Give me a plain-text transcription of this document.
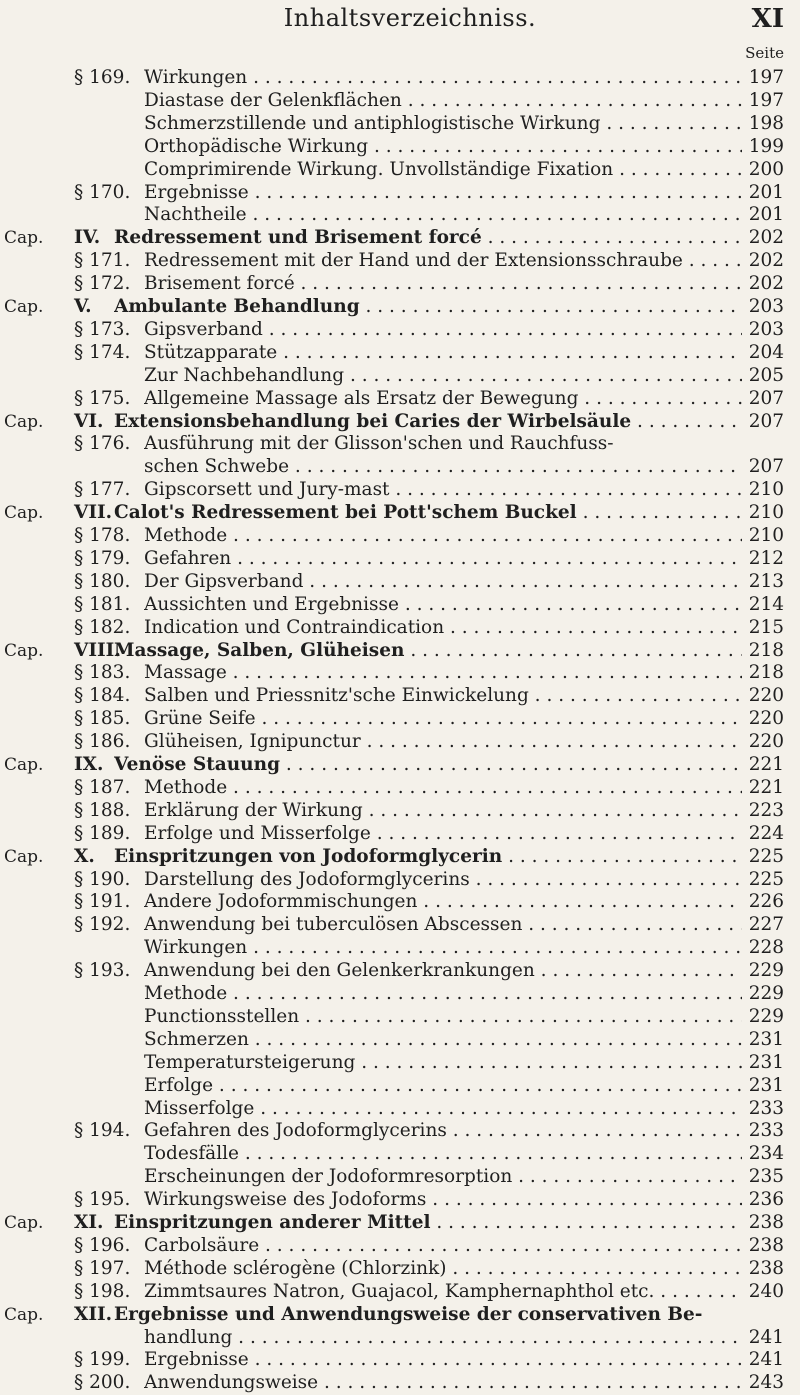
Inhaltsverzeichniss.	XI
Seite
§ 169. Wirkungen . . .	197
Diastase der Gelenkflächen . . .	197
Schmerzstillende und antiphlogistische Wirkung . . .	198
Orthopädische Wirkung . . .	199
Comprimirende Wirkung. Unvollständige Fixation . . .	200
§ 170. Ergebnisse . . .	201
Nachtheile . . .	201
Cap. IV. Redressement und Brisement forcé . . .	202
§ 171. Redressement mit der Hand und der Extensionsschraube . . .	202
§ 172. Brisement forcé . . .	202
Cap. V. Ambulante Behandlung . . .	203
§ 173. Gipsverband . . .	203
§ 174. Stützapparate . . .	204
Zur Nachbehandlung . . .	205
§ 175. Allgemeine Massage als Ersatz der Bewegung . . .	207
Cap. VI. Extensionsbehandlung bei Caries der Wirbelsäule . . .	207
§ 176. Ausführung mit der Glisson'schen und Rauchfuss-
schen Schwebe . . .	207
§ 177. Gipscorsett und Jury-mast . . .	210
Cap. VII. Calot's Redressement bei Pott'schem Buckel . . .	210
§ 178. Methode . . .	210
§ 179. Gefahren . . .	212
§ 180. Der Gipsverband . . .	213
§ 181. Aussichten und Ergebnisse . . .	214
§ 182. Indication und Contraindication . . .	215
Cap. VIII.
Massage, Salben, Glüheisen . . .	218
§ 183. Massage . . .	218
§ 184. Salben und Priessnitz'sche Einwickelung . . .	220
§ 185. Grüne Seife . . .	220
§ 186. Glüheisen, Ignipunctur . . .	220
Cap. IX. Venöse Stauung . . .	221
§ 187. Methode . . .	221
§ 188. Erklärung der Wirkung . . .	223
§ 189. Erfolge und Misserfolge . . .	224
Cap. X. Einspritzungen von Jodoformglycerin . . .	225
§ 190. Darstellung des Jodoformglycerins . . .	225
§ 191. Andere Jodoformmischungen . . .	226
§ 192. Anwendung bei tuberculösen Abscessen . . .	227
Wirkungen . . .	228
§ 193. Anwendung bei den Gelenkerkrankungen . . .	229
Methode . . .	229
Punctionsstellen . . .	229
Schmerzen . . .	231
Temperatursteigerung . . .	231
Erfolge . . .	231
Misserfolge . . .	233
§ 194. Gefahren des Jodoformglycerins . . .	233
Todesfälle . . .	234
Erscheinungen der Jodoformresorption . . .	235
§ 195. Wirkungsweise des Jodoforms . . .	236
Cap. XI. Einspritzungen anderer Mittel . . .	238
§ 196. Carbolsäure . . .	238
§ 197. Méthode sclérogène (Chlorzink) . . .	238
§ 198. Zimmtsaures Natron, Guajacol, Kamphernaphthol etc. . . .	240
Cap. XII. Ergebnisse und Anwendungsweise der conservativen Be-
handlung . . .	241
§ 199. Ergebnisse . . .	241
§ 200. Anwendungsweise . . .	243
